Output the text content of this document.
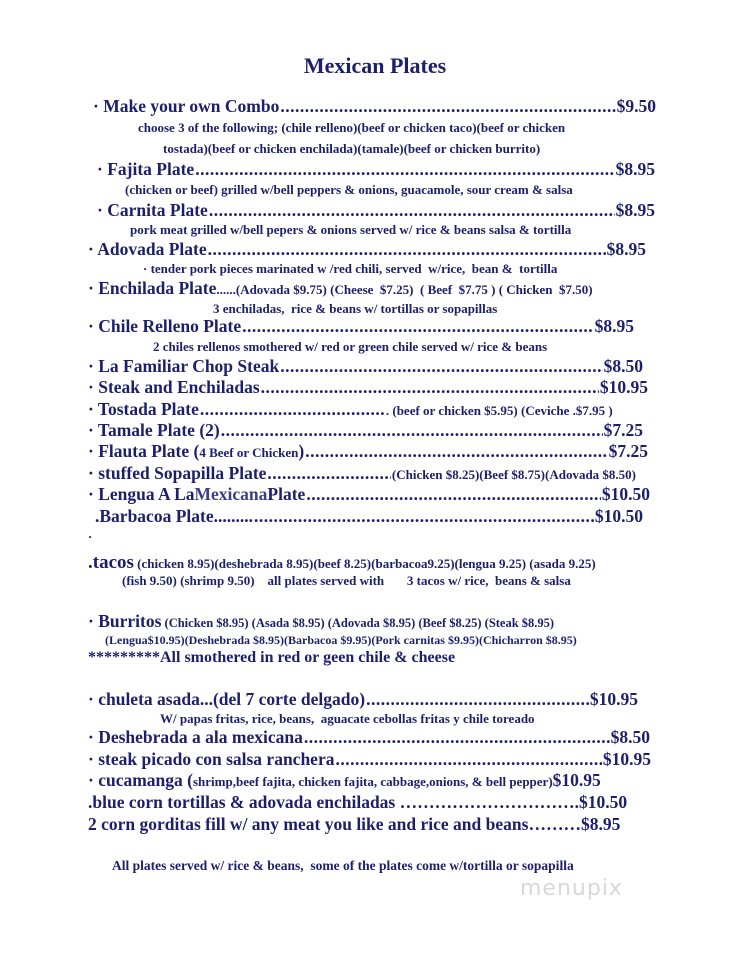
Mexican Plates
· Make your own Combo .....	$9.50
choose 3 of the following; (chile relleno)(beef or chicken taco)(beef or chicken
tostada)(beef or chicken enchilada)(tamale)(beef or chicken burrito)
· Fajita Plate .....	$8.95
(chicken or beef) grilled w/bell peppers & onions, guacamole, sour cream & salsa
· Carnita Plate .....	$8.95
pork meat grilled w/bell pepers & onions served w/ rice & beans salsa & tortilla
· Adovada Plate .....	$8.95
· tender pork pieces marinated w /red chili, served  w/rice,  bean &  tortilla
· Enchilada Plate......(Adovada $9.75) (Cheese  $7.25)  ( Beef  $7.75 ) ( Chicken  $7.50)
3 enchiladas,  rice & beans w/ tortillas or sopapillas
· Chile Relleno Plate .....	$8.95
2 chiles rellenos smothered w/ red or green chile served w/ rice & beans
· La Familiar Chop Steak .....	$8.50
· Steak and Enchiladas .....	$10.95
· Tostada Plate .....	. (beef or chicken $5.95) (Ceviche .$7.95 )
· Tamale Plate (2) .....	$7.25
· Flauta Plate ( 4 Beef or Chicken ) .....	$7.25
· stuffed Sopapilla Plate .....	(Chicken $8.25)(Beef $8.75)(Adovada $8.50)
· Lengua A La Mexicana Plate .....	$10.50
.Barbacoa Plate......... .....	$10.50
·
.tacos (chicken 8.95)(deshebrada 8.95)(beef 8.25)(barbacoa9.25)(lengua 9.25) (asada 9.25)
(fish 9.50) (shrimp 9.50)    all plates served with       3 tacos w/ rice,  beans & salsa
· Burritos (Chicken $8.95) (Asada $8.95) (Adovada $8.95) (Beef $8.25) (Steak $8.95)
(Lengua$10.95)(Deshebrada $8.95)(Barbacoa $9.95)(Pork carnitas $9.95)(Chicharron $8.95)
*********All smothered in red or geen chile & cheese
· chuleta asada...(del 7 corte delgado) .....	$10.95
W/ papas fritas, rice, beans,  aguacate cebollas fritas y chile toreado
· Deshebrada a ala mexicana .....	$8.50
· steak picado con salsa ranchera .....	$10.95
· cucamanga ( shrimp,beef fajita, chicken fajita, cabbage,onions, & bell pepper) $10.95
.blue corn tortillas & adovada enchiladas ………………………….$10.50
2 corn gorditas fill w/ any meat you like and rice and beans………$8.95
All plates served w/ rice & beans,  some of the plates come w/tortilla or sopapilla
menupix
